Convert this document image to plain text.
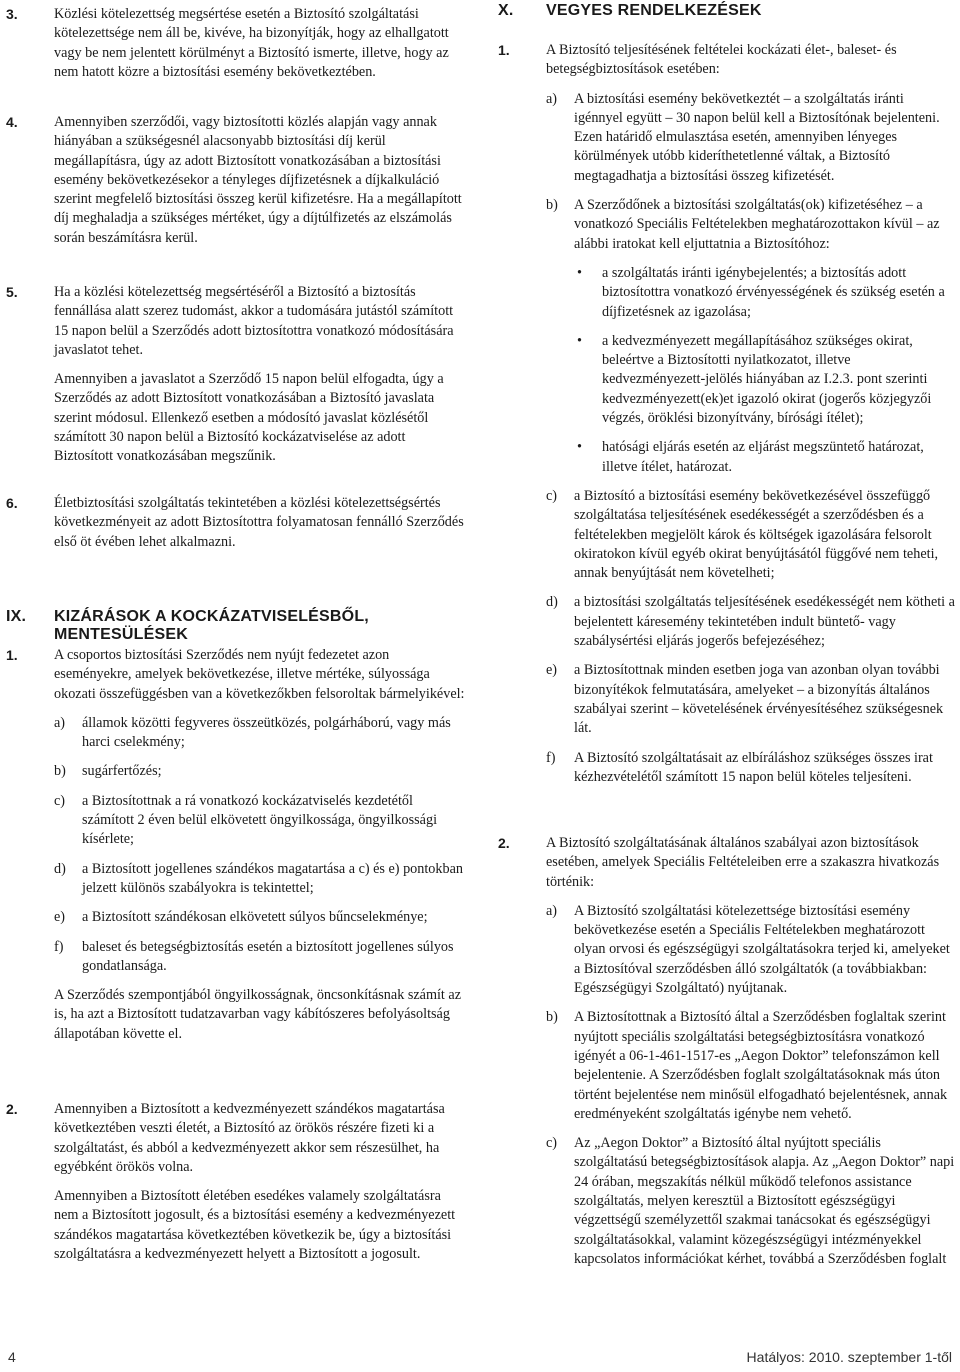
3.	Közlési kötelezettség megsértése esetén a Biztosító szolgáltatási kötelezettsége nem áll be, kivéve, ha bizonyítják, hogy az elhallgatott vagy be nem jelentett körülményt a Biztosító ismerte, illetve, hogy az nem hatott közre a biztosítási esemény bekövetkeztében.
4.	Amennyiben szerződői, vagy biztosítotti közlés alapján vagy annak hiányában a szükségesnél alacsonyabb biztosítási díj kerül megállapításra, úgy az adott Biztosított vonatkozásában a biztosítási esemény bekövetkezésekor a tényleges díjfizetésnek a díjkalkuláció szerint megfelelő biztosítási összeg kerül kifizetésre. Ha a megállapított díj meghaladja a szükséges mértéket, úgy a díjtúlfizetés az elszámolás során beszámításra kerül.
5.	Ha a közlési kötelezettség megsértéséről a Biztosító a biztosítás fennállása alatt szerez tudomást, akkor a tudomására jutástól számított 15 napon belül a Szerződés adott biztosítottra vonatkozó módosítására javaslatot tehet.
Amennyiben a javaslatot a Szerződő 15 napon belül elfogadta, úgy a Szerződés az adott Biztosított vonatkozásában a Biztosító javaslata szerint módosul. Ellenkező esetben a módosító javaslat közlésétől számított 30 napon belül a Biztosító kockázatviselése az adott Biztosított vonatkozásában megszűnik.
6.	Életbiztosítási szolgáltatás tekintetében a közlési kötelezettségsértés következményeit az adott Biztosítottra folyamatosan fennálló Szerződés első öt évében lehet alkalmazni.
IX. KIZÁRÁSOK A KOCKÁZATVISELÉSBŐL, MENTESÜLÉSEK
1.	A csoportos biztosítási Szerződés nem nyújt fedezetet azon eseményekre, amelyek bekövetkezése, illetve mértéke, súlyossága okozati összefüggésben van a következőkben felsoroltak bármelyikével:
a) államok közötti fegyveres összeütközés, polgárháború, vagy más harci cselekmény;
b) sugárfertőzés;
c) a Biztosítottnak a rá vonatkozó kockázatviselés kezdetétől számított 2 éven belül elkövetett öngyilkossága, öngyilkossági kísérlete;
d) a Biztosított jogellenes szándékos magatartása a c) és e) pontokban jelzett különös szabályokra is tekintettel;
e) a Biztosított szándékosan elkövetett súlyos bűncselekménye;
f) baleset és betegségbiztosítás esetén a biztosított jogellenes súlyos gondatlansága.
A Szerződés szempontjából öngyilkosságnak, öncsonkításnak számít az is, ha azt a Biztosított tudatzavarban vagy kábítószeres befolyásoltság állapotában követte el.
2.	Amennyiben a Biztosított a kedvezményezett szándékos magatartása következtében veszti életét, a Biztosító az örökös részére fizeti ki a szolgáltatást, és abból a kedvezményezett akkor sem részesülhet, ha egyébként örökös volna.
Amennyiben a Biztosított életében esedékes valamely szolgáltatásra nem a Biztosított jogosult, és a biztosítási esemény a kedvezményezett szándékos magatartása következtében következik be, úgy a biztosítási szolgáltatásra a kedvezményezett helyett a Biztosított a jogosult.
X. VEGYES RENDELKEZÉSEK
1.	A Biztosító teljesítésének feltételei kockázati élet-, baleset- és betegségbiztosítások esetében:
a) A biztosítási esemény bekövetkeztét – a szolgáltatás iránti igénnyel együtt – 30 napon belül kell a Biztosítónak bejelenteni. Ezen határidő elmulasztása esetén, amennyiben lényeges körülmények utóbb kideríthetetlenné váltak, a Biztosító megtagadhatja a biztosítási összeg kifizetését.
b) A Szerződőnek a biztosítási szolgáltatás(ok) kifizetéséhez – a vonatkozó Speciális Feltételekben meghatározottakon kívül – az alábbi iratokat kell eljuttatnia a Biztosítóhoz:
• a szolgáltatás iránti igénybejelentés; a biztosítás adott biztosítottra vonatkozó érvényességének és szükség esetén a díjfizetésnek az igazolása;
• a kedvezményezett megállapításához szükséges okirat, beleértve a Biztosítotti nyilatkozatot, illetve kedvezményezett-jelölés hiányában az I.2.3. pont szerinti kedvezményezett(ek)et igazoló okirat (jogerős közjegyzői végzés, öröklési bizonyítvány, bírósági ítélet);
• hatósági eljárás esetén az eljárást megszüntető határozat, illetve ítélet, határozat.
c) a Biztosító a biztosítási esemény bekövetkezésével összefüggő szolgáltatása teljesítésének esedékességét a szerződésben és a feltételekben megjelölt károk és költségek igazolására felsorolt okiratokon kívül egyéb okirat benyújtásától függővé nem teheti, annak benyújtását nem követelheti;
d) a biztosítási szolgáltatás teljesítésének esedékességét nem kötheti a bejelentett káresemény tekintetében indult büntető- vagy szabálysértési eljárás jogerős befejezéséhez;
e) a Biztosítottnak minden esetben joga van azonban olyan további bizonyítékok felmutatására, amelyeket – a bizonyítás általános szabályai szerint – követelésének érvényesítéséhez szükségesnek lát.
f) A Biztosító szolgáltatásait az elbíráláshoz szükséges összes irat kézhezvételétől számított 15 napon belül köteles teljesíteni.
2.	A Biztosító szolgáltatásának általános szabályai azon biztosítások esetében, amelyek Speciális Feltételeiben erre a szakaszra hivatkozás történik:
a) A Biztosító szolgáltatási kötelezettsége biztosítási esemény bekövetkezése esetén a Speciális Feltételekben meghatározott olyan orvosi és egészségügyi szolgáltatásokra terjed ki, amelyeket a Biztosítóval szerződésben álló szolgáltatók (a továbbiakban: Egészségügyi Szolgáltató) nyújtanak.
b) A Biztosítottnak a Biztosító által a Szerződésben foglaltak szerint nyújtott speciális szolgáltatási betegségbiztosításra vonatkozó igényét a 06-1-461-1517-es „Aegon Doktor” telefonszámon kell bejelentenie. A Szerződésben foglalt szolgáltatásoknak más úton történt bejelentése nem minősül elfogadható bejelentésnek, annak eredményeként szolgáltatás igénybe nem vehető.
c) Az „Aegon Doktor” a Biztosító által nyújtott speciális szolgáltatású betegségbiztosítások alapja. Az „Aegon Doktor” napi 24 órában, megszakítás nélkül működő telefonos assistance szolgáltatás, melyen keresztül a Biztosított egészségügyi végzettségű személyzettől szakmai tanácsokat és egészségügyi szolgáltatásokkal, valamint közegészségügyi intézményekkel kapcsolatos információkat kérhet, továbbá a Szerződésben foglalt
4	Hatályos: 2010. szeptember 1-től
